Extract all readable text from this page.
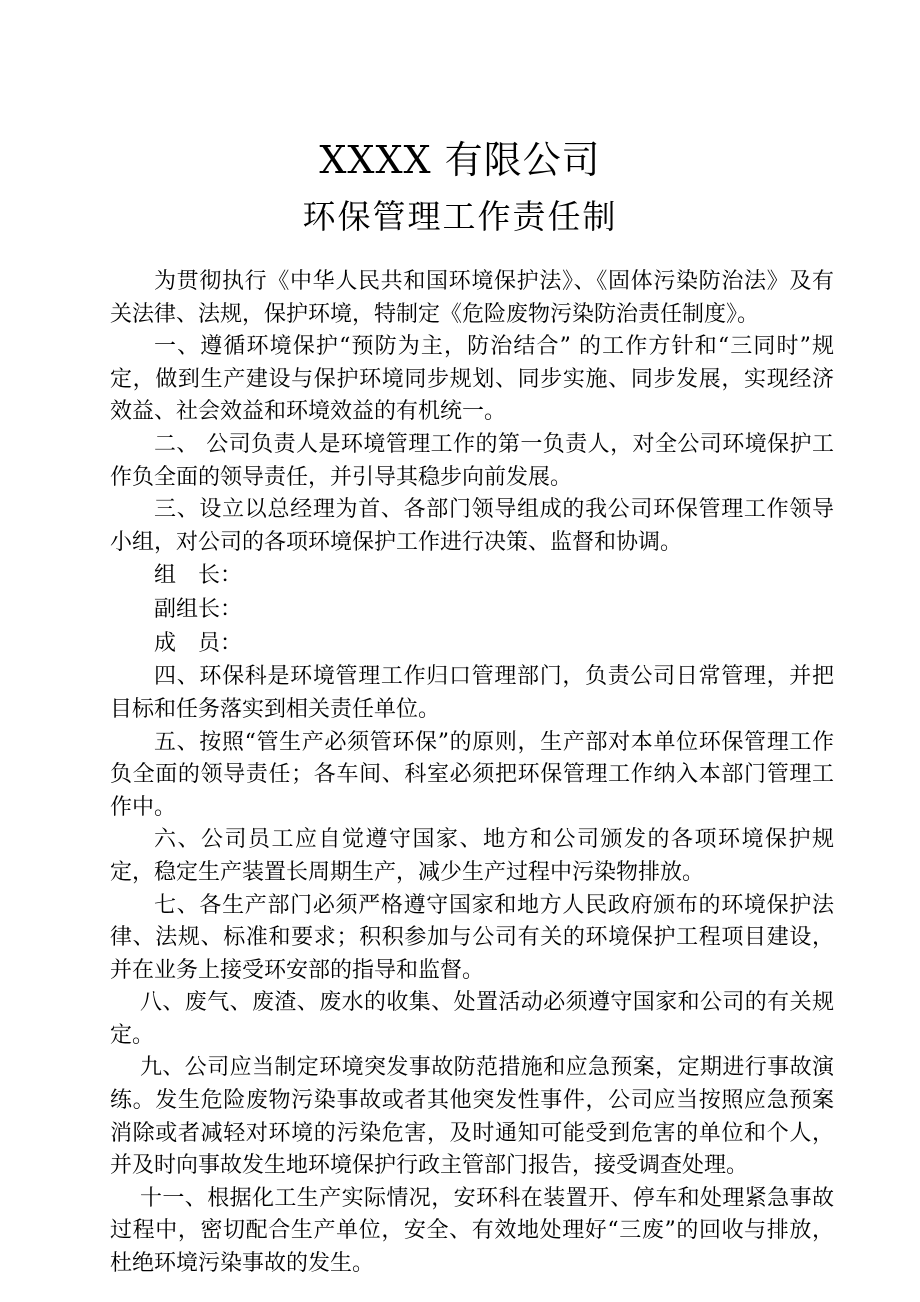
XXXX 有限公司
环保管理工作责任制

为贯彻执行《中华人民共和国环境保护法》、《固体污染防治法》及有关法律、法规，保护环境，特制定《危险废物污染防治责任制度》。

一、遵循环境保护“预防为主，防治结合” 的工作方针和“三同时”规定，做到生产建设与保护环境同步规划、同步实施、同步发展，实现经济效益、社会效益和环境效益的有机统一。

二、 公司负责人是环境管理工作的第一负责人，对全公司环境保护工作负全面的领导责任，并引导其稳步向前发展。

三、设立以总经理为首、各部门领导组成的我公司环保管理工作领导小组，对公司的各项环境保护工作进行决策、监督和协调。

组　长：

副组长：

成　员：

四、环保科是环境管理工作归口管理部门，负责公司日常管理，并把目标和任务落实到相关责任单位。

五、按照“管生产必须管环保”的原则，生产部对本单位环保管理工作负全面的领导责任；各车间、科室必须把环保管理工作纳入本部门管理工作中。

六、公司员工应自觉遵守国家、地方和公司颁发的各项环境保护规定，稳定生产装置长周期生产，减少生产过程中污染物排放。

七、各生产部门必须严格遵守国家和地方人民政府颁布的环境保护法律、法规、标准和要求；积积参加与公司有关的环境保护工程项目建设，并在业务上接受环安部的指导和监督。

八、废气、废渣、废水的收集、处置活动必须遵守国家和公司的有关规定。

九、公司应当制定环境突发事故防范措施和应急预案，定期进行事故演练。发生危险废物污染事故或者其他突发性事件，公司应当按照应急预案消除或者减轻对环境的污染危害，及时通知可能受到危害的单位和个人，并及时向事故发生地环境保护行政主管部门报告，接受调查处理。

十一、根据化工生产实际情况，安环科在装置开、停车和处理紧急事故过程中，密切配合生产单位，安全、有效地处理好“三废”的回收与排放，杜绝环境污染事故的发生。
